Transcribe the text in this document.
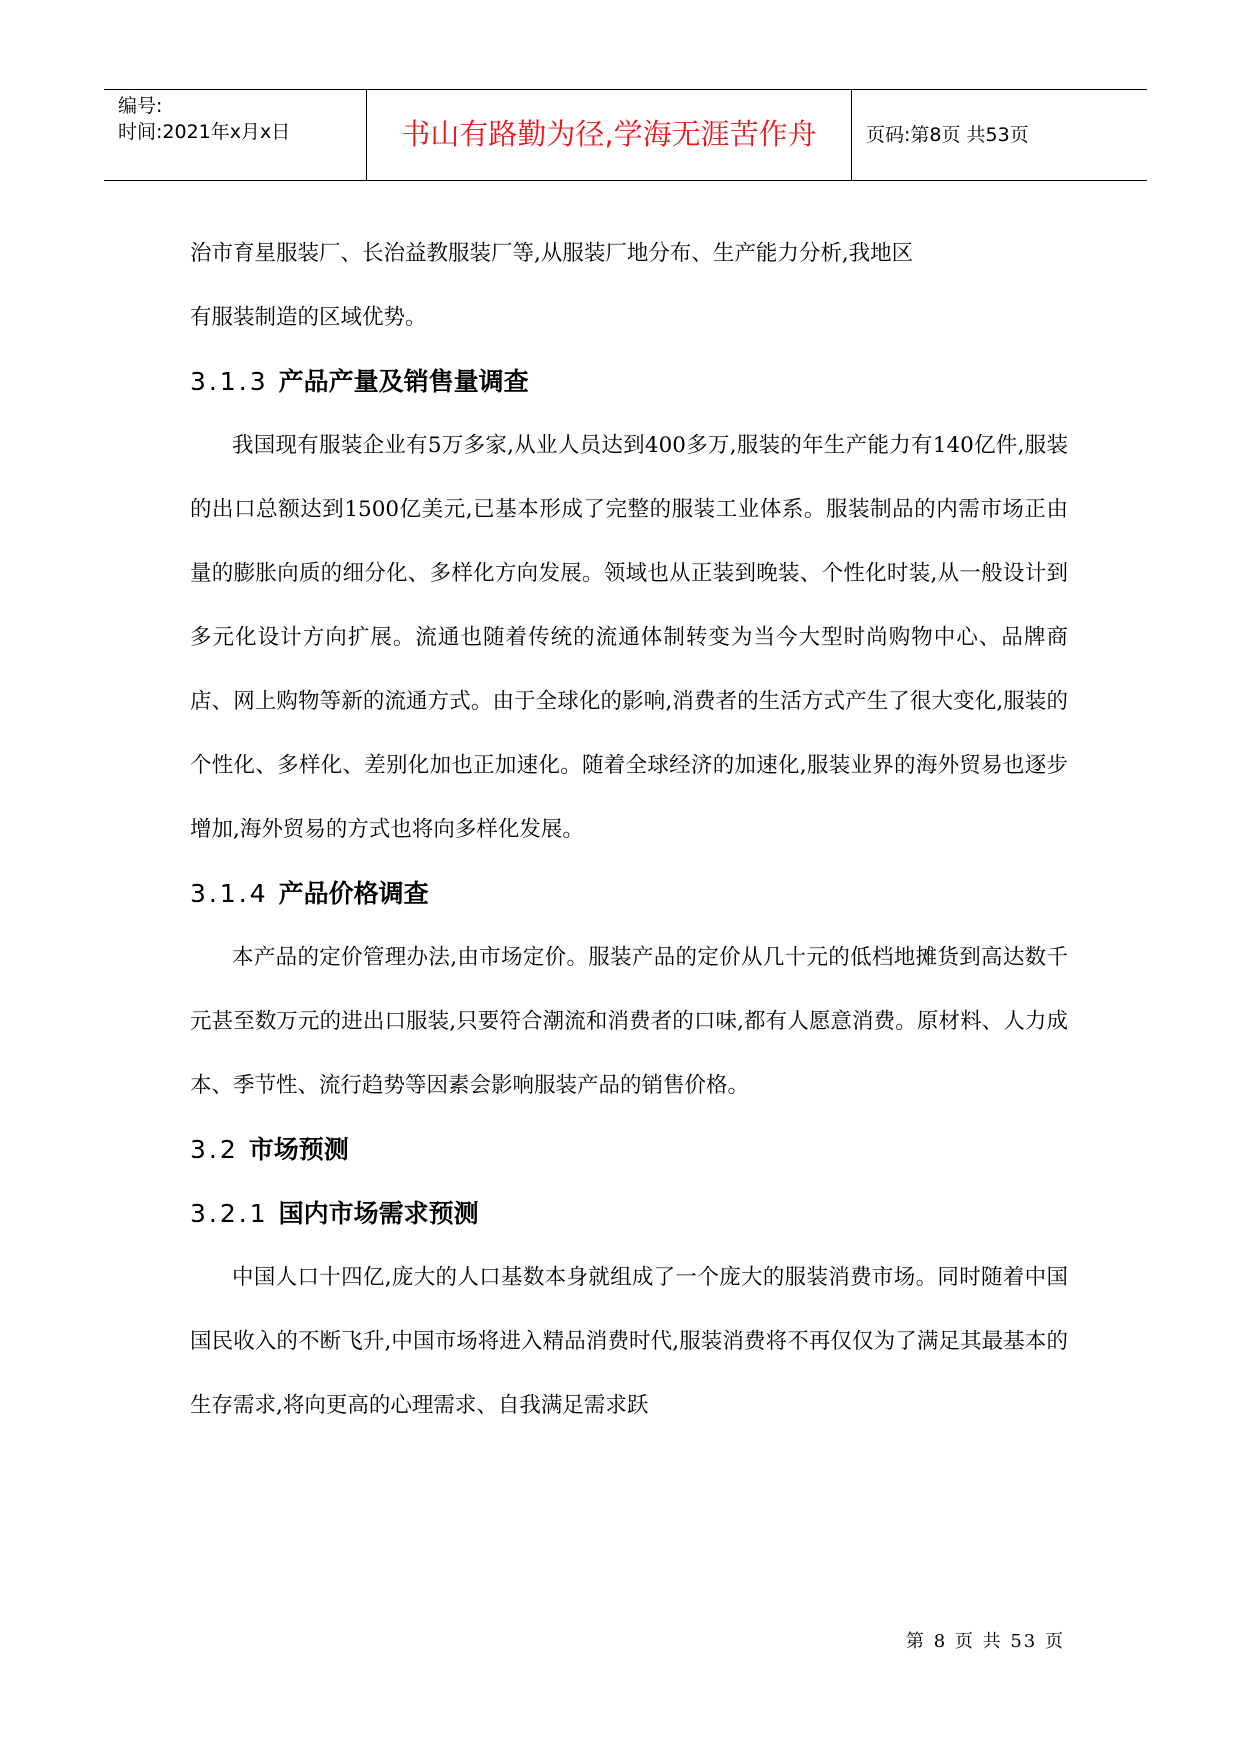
编号:
时间:2021年x月x日	书山有路勤为径,学海无涯苦作舟	页码:第8页 共53页

治市育星服装厂、长治益教服装厂等,从服装厂地分布、生产能力分析,我地区
有服装制造的区域优势。

3.1.3 产品产量及销售量调查

我国现有服装企业有5万多家,从业人员达到400多万,服装的年生产能力有140亿件,服装的出口总额达到1500亿美元,已基本形成了完整的服装工业体系。服装制品的内需市场正由量的膨胀向质的细分化、多样化方向发展。领域也从正装到晚装、个性化时装,从一般设计到多元化设计方向扩展。流通也随着传统的流通体制转变为当今大型时尚购物中心、品牌商店、网上购物等新的流通方式。由于全球化的影响,消费者的生活方式产生了很大变化,服装的个性化、多样化、差别化加也正加速化。随着全球经济的加速化,服装业界的海外贸易也逐步增加,海外贸易的方式也将向多样化发展。

3.1.4 产品价格调查

本产品的定价管理办法,由市场定价。服装产品的定价从几十元的低档地摊货到高达数千元甚至数万元的进出口服装,只要符合潮流和消费者的口味,都有人愿意消费。原材料、人力成本、季节性、流行趋势等因素会影响服装产品的销售价格。

3.2 市场预测
3.2.1 国内市场需求预测

中国人口十四亿,庞大的人口基数本身就组成了一个庞大的服装消费市场。同时随着中国国民收入的不断飞升,中国市场将进入精品消费时代,服装消费将不再仅仅为了满足其最基本的生存需求,将向更高的心理需求、自我满足需求跃

第 8 页 共 53 页
